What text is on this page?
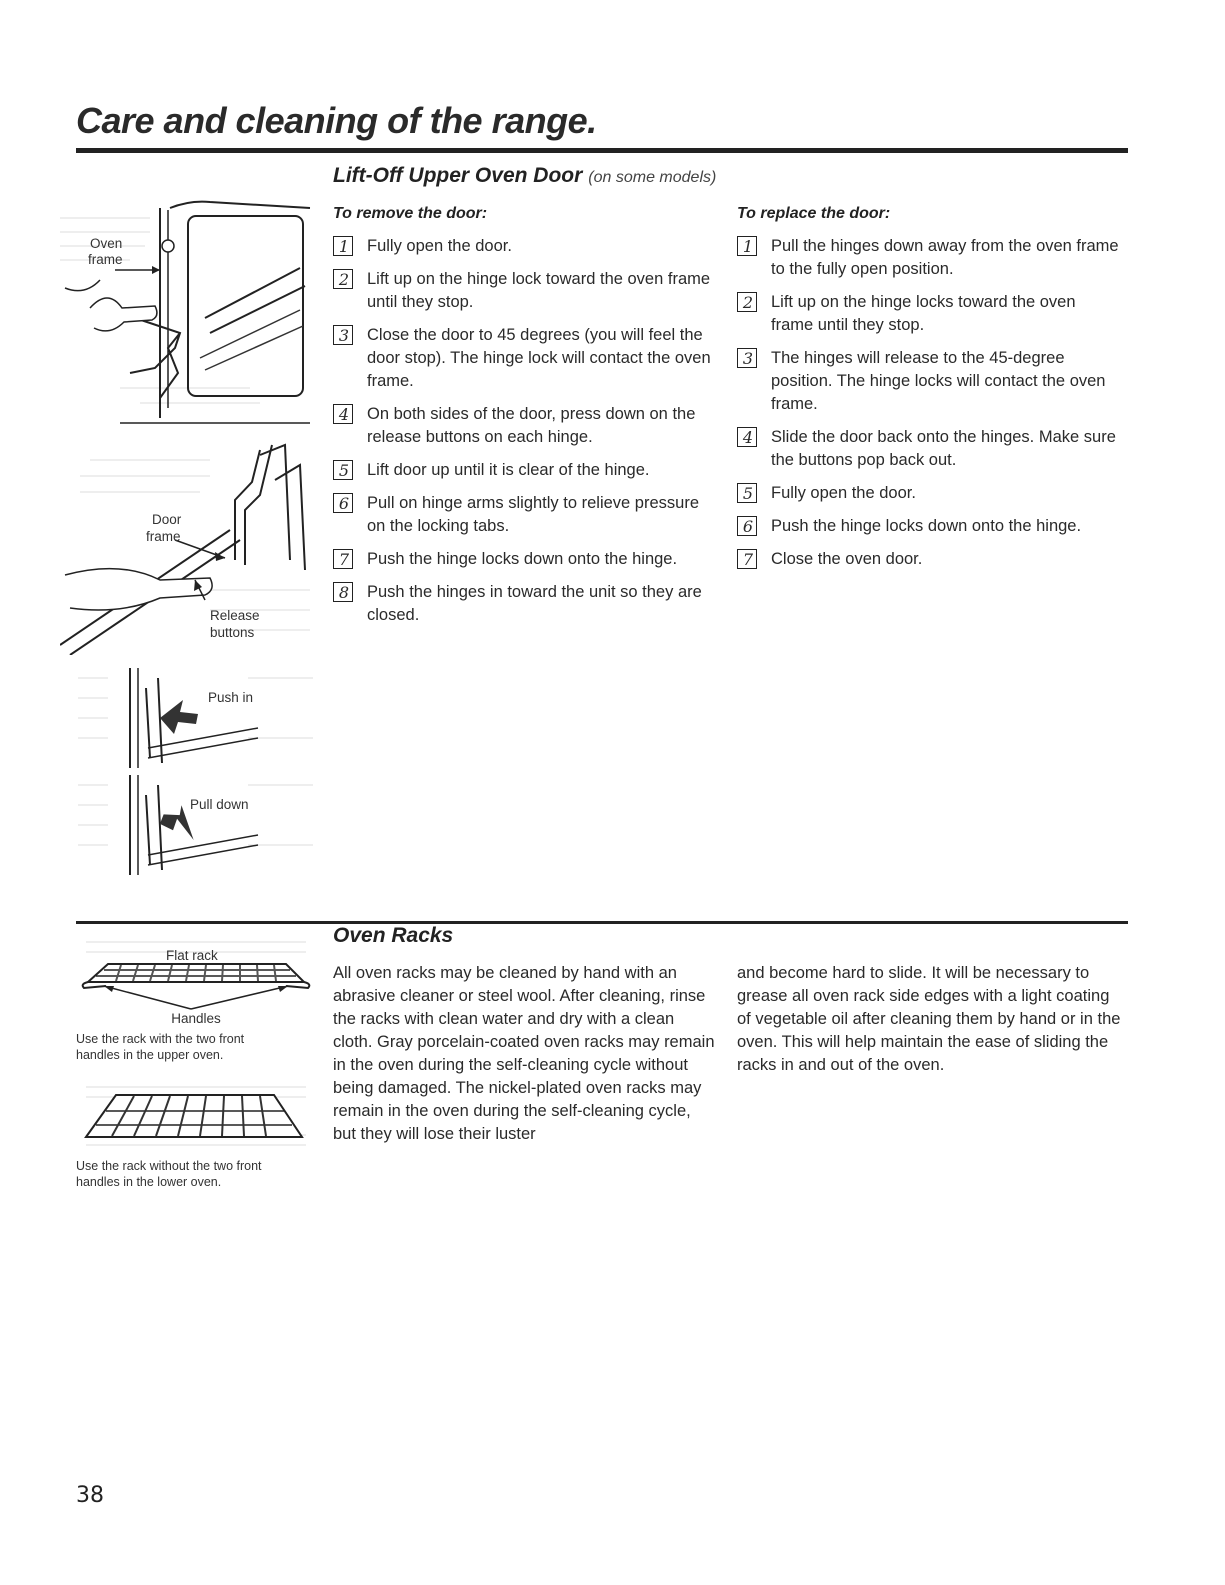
Care and cleaning of the range.
Oven
frame
Door
frame
Release
buttons
Push in
Pull down
Lift-Off Upper Oven Door (on some models)
To remove the door:
1 Fully open the door.
2 Lift up on the hinge lock toward the oven frame until they stop.
3 Close the door to 45 degrees (you will feel the door stop). The hinge lock will contact the oven frame.
4 On both sides of the door, press down on the release buttons on each hinge.
5 Lift door up until it is clear of the hinge.
6 Pull on hinge arms slightly to relieve pressure on the locking tabs.
7 Push the hinge locks down onto the hinge.
8 Push the hinges in toward the unit so they are closed.
To replace the door:
1 Pull the hinges down away from the oven frame to the fully open position.
2 Lift up on the hinge locks toward the oven frame until they stop.
3 The hinges will release to the 45-degree position. The hinge locks will contact the oven frame.
4 Slide the door back onto the hinges. Make sure the buttons pop back out.
5 Fully open the door.
6 Push the hinge locks down onto the hinge.
7 Close the oven door.
Flat rack
Handles

Use the rack with the two front handles in the upper oven.

Use the rack without the two front handles in the lower oven.

Oven Racks

All oven racks may be cleaned by hand with an abrasive cleaner or steel wool. After cleaning, rinse the racks with clean water and dry with a clean cloth. Gray porcelain-coated oven racks may remain in the oven during the self-cleaning cycle without being damaged. The nickel-plated oven racks may remain in the oven during the self-cleaning cycle, but they will lose their luster

and become hard to slide. It will be necessary to grease all oven rack side edges with a light coating of vegetable oil after cleaning them by hand or in the oven. This will help maintain the ease of sliding the racks in and out of the oven.

38
